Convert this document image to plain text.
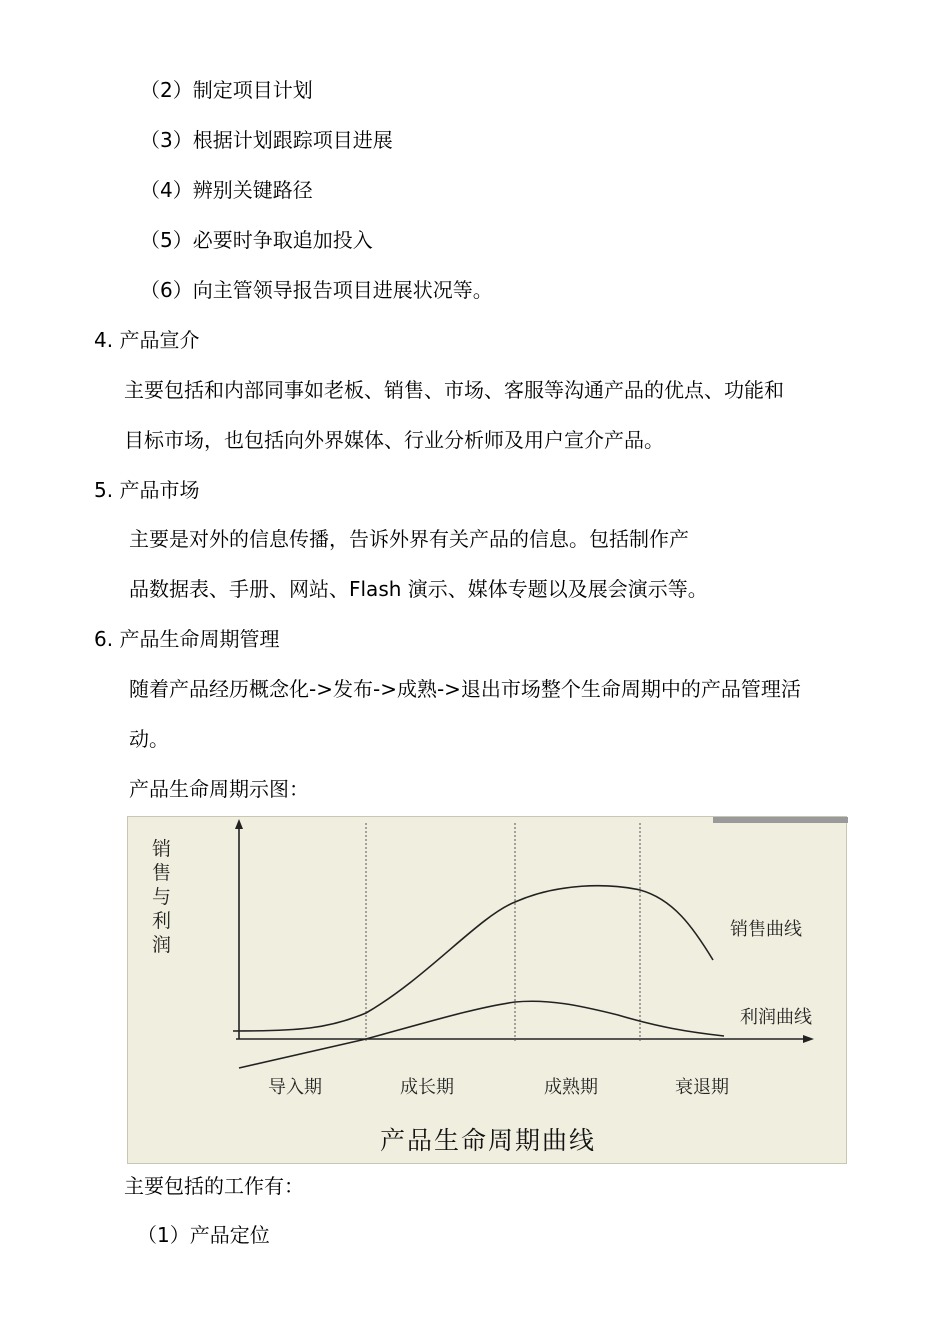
（2）制定项目计划
（3）根据计划跟踪项目进展
（4）辨别关键路径
（5）必要时争取追加投入
（6）向主管领导报告项目进展状况等。
4. 产品宣介
主要包括和内部同事如老板、销售、市场、客服等沟通产品的优点、功能和
目标市场，也包括向外界媒体、行业分析师及用户宣介产品。
5. 产品市场
主要是对外的信息传播，告诉外界有关产品的信息。包括制作产
品数据表、手册、网站、Flash 演示、媒体专题以及展会演示等。
6. 产品生命周期管理
随着产品经历概念化->发布->成熟->退出市场整个生命周期中的产品管理活
动。
产品生命周期示图：
销售与利润
销售曲线
利润曲线
导入期	成长期	成熟期	衰退期
产品生命周期曲线
主要包括的工作有：
（1）产品定位
